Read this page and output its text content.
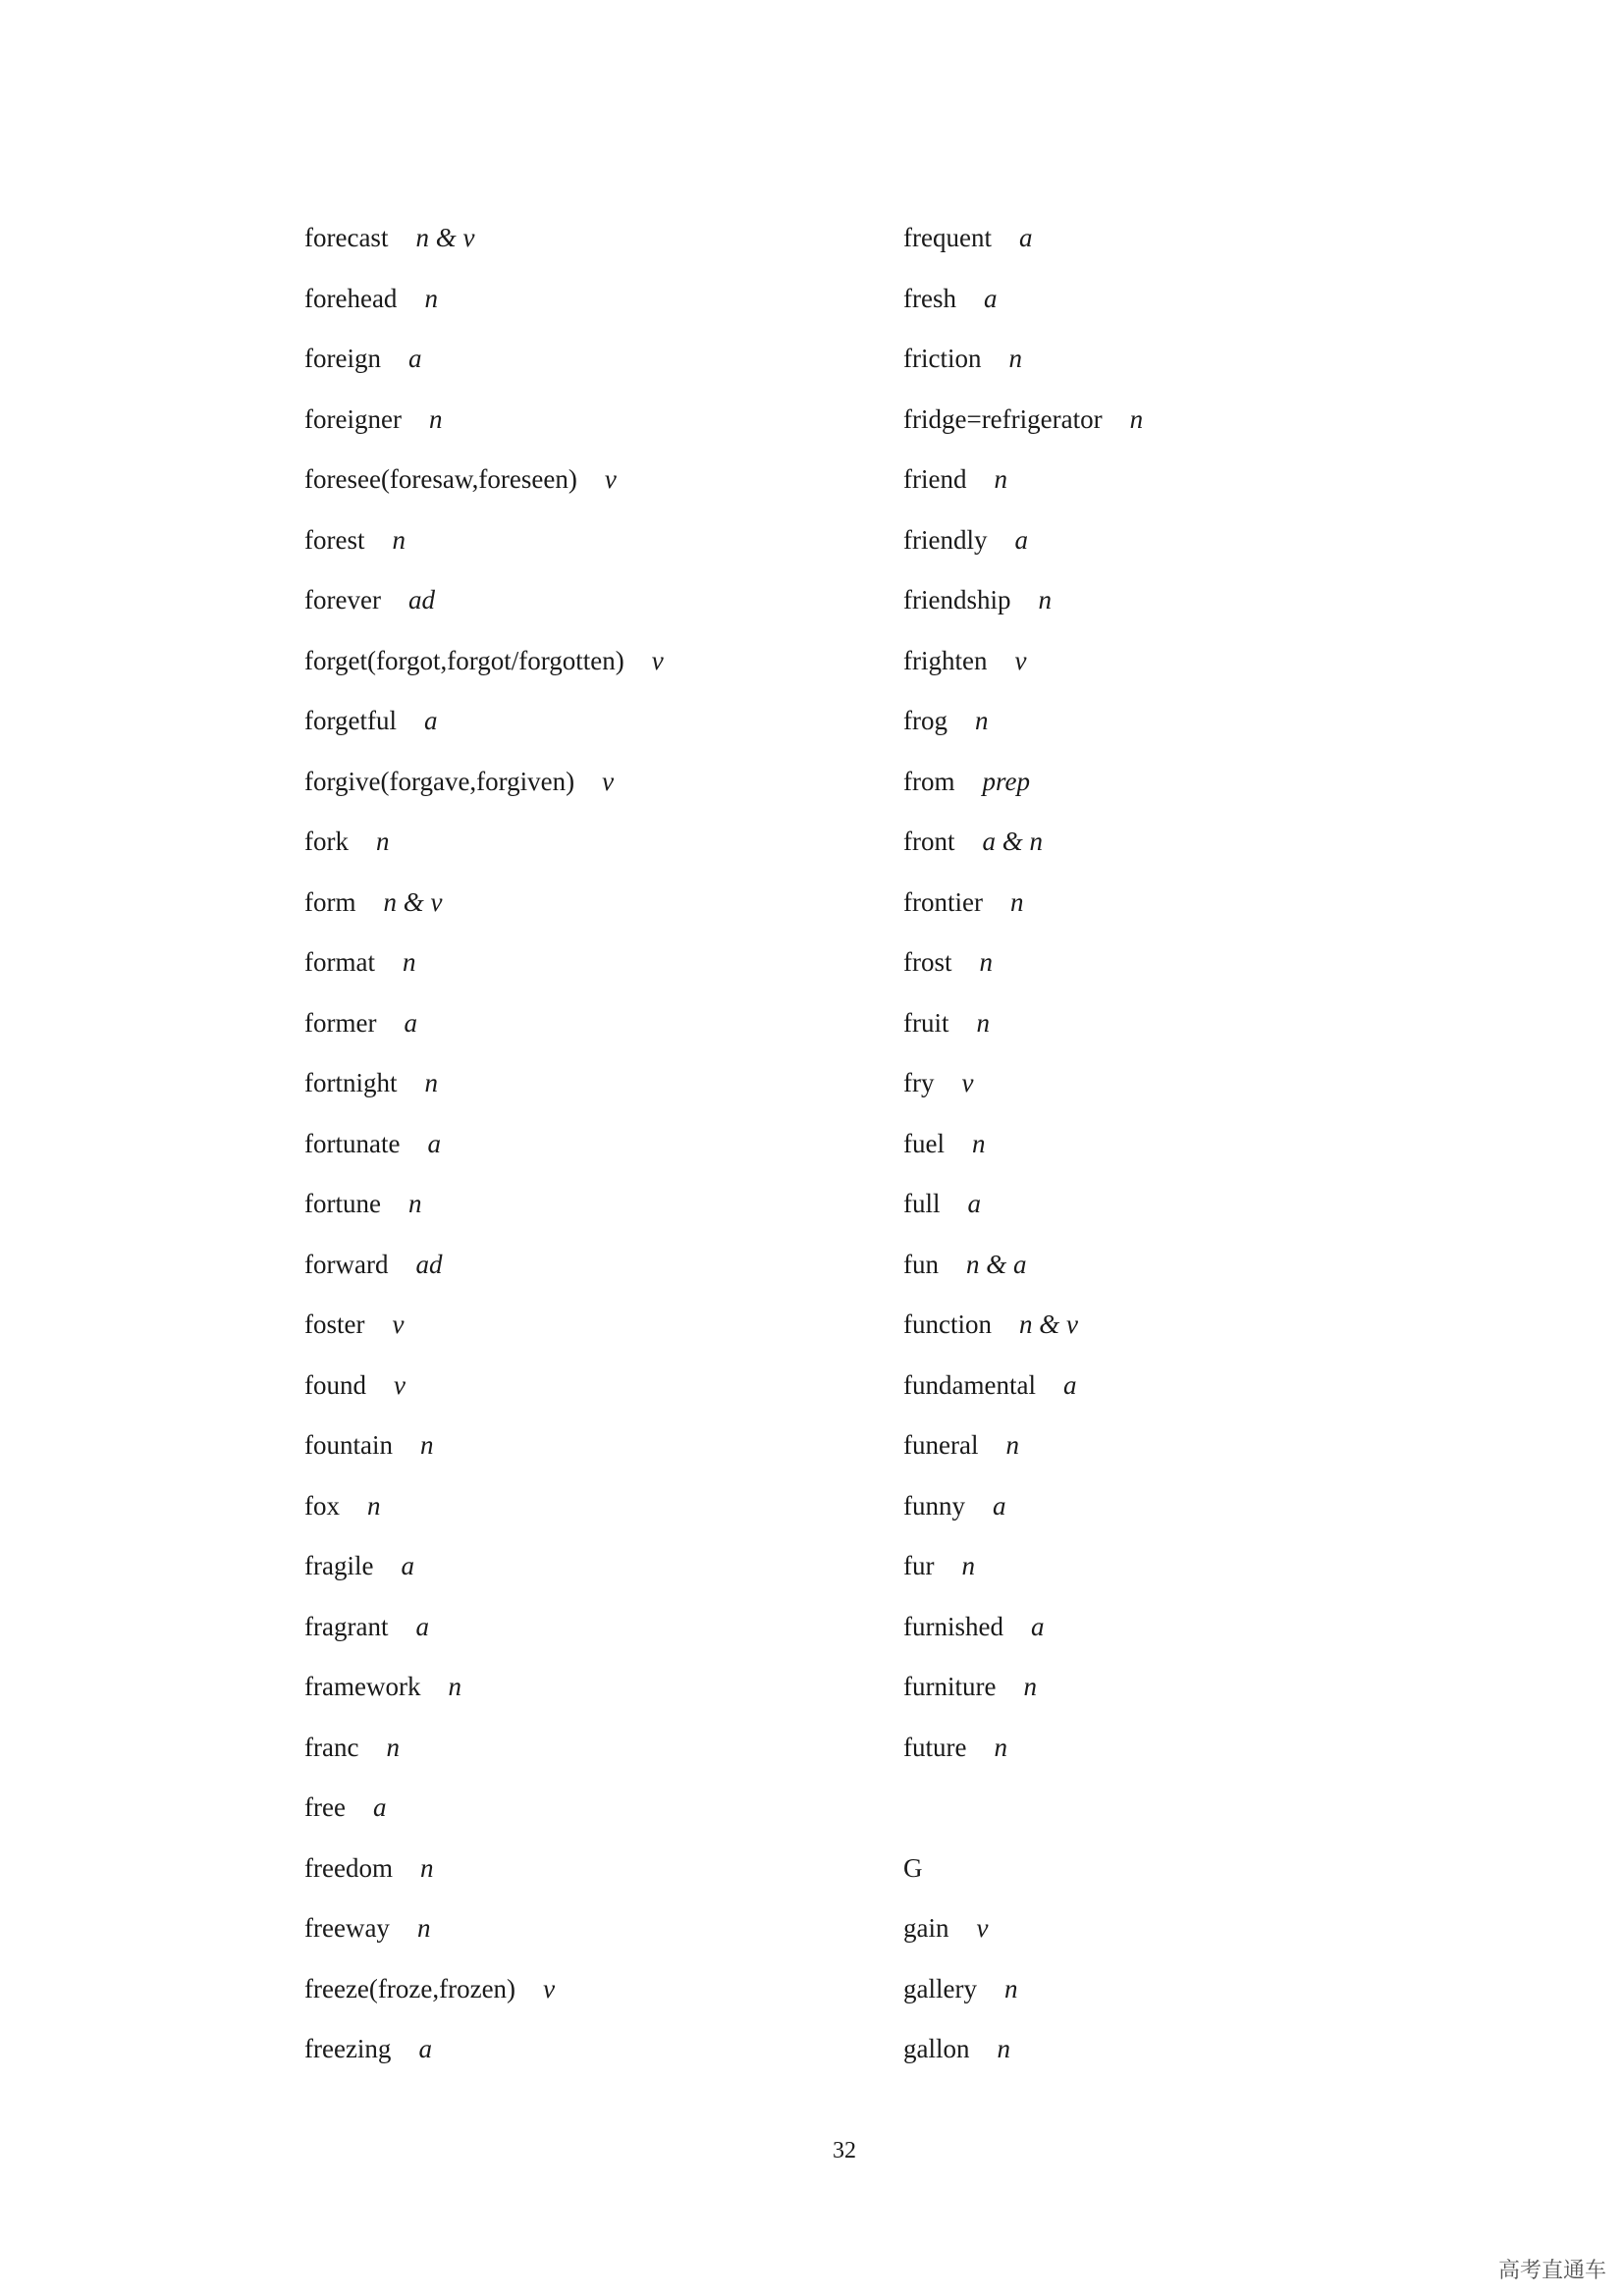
forecast n & v
forehead n
foreign a
foreigner n
foresee(foresaw,foreseen) v
forest n
forever ad
forget(forgot,forgot/forgotten) v
forgetful a
forgive(forgave,forgiven) v
fork n
form n & v
format n
former a
fortnight n
fortunate a
fortune n
forward ad
foster v
found v
fountain n
fox n
fragile a
fragrant a
framework n
franc n
free a
freedom n
freeway n
freeze(froze,frozen) v
freezing a
frequent a
fresh a
friction n
fridge=refrigerator n
friend n
friendly a
friendship n
frighten v
frog n
from prep
front a & n
frontier n
frost n
fruit n
fry v
fuel n
full a
fun n & a
function n & v
fundamental a
funeral n
funny a
fur n
furnished a
furniture n
future n
G
gain v
gallery n
gallon n
32
高考直通车
